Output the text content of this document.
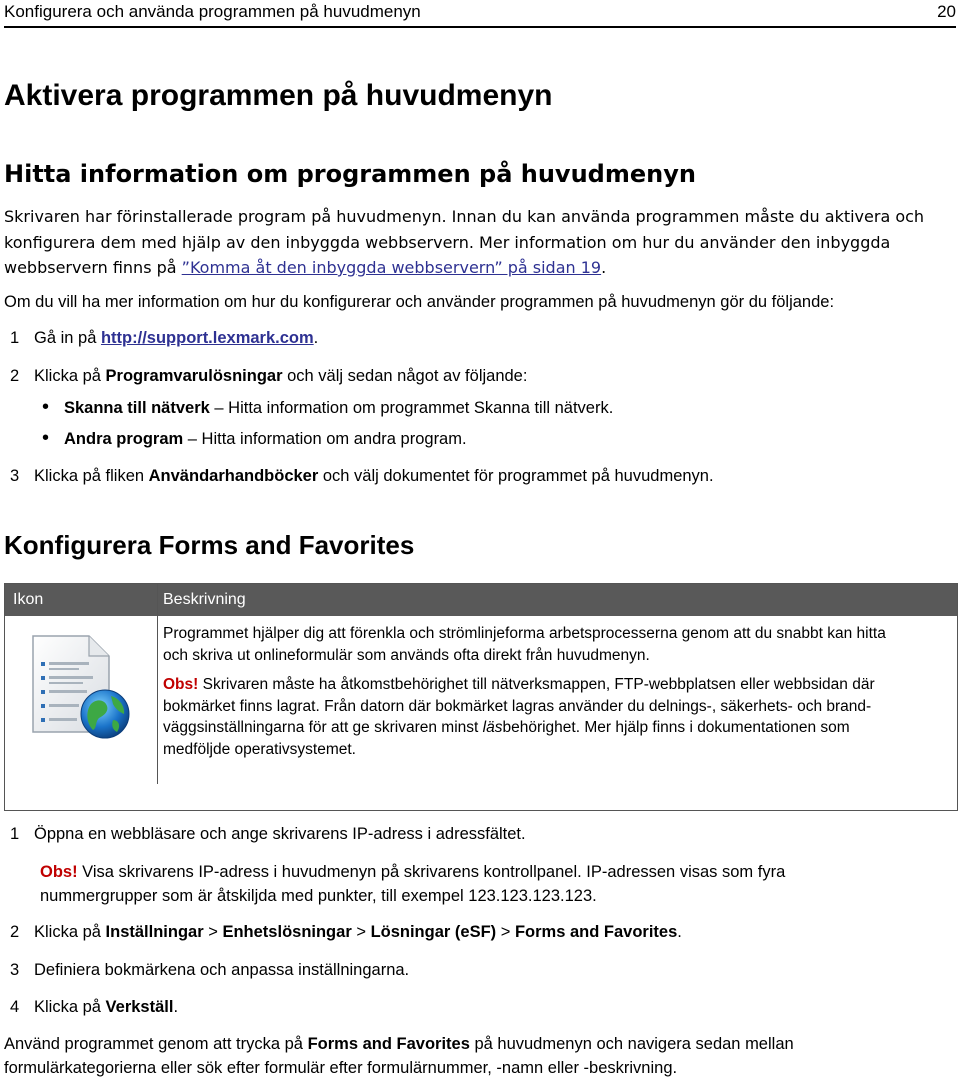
Konfigurera och använda programmen på huvudmenyn	20
Aktivera programmen på huvudmenyn
Hitta information om programmen på huvudmenyn
Skrivaren har förinstallerade program på huvudmenyn. Innan du kan använda programmen måste du aktivera och
konfigurera dem med hjälp av den inbyggda webbservern. Mer information om hur du använder den inbyggda
webbservern finns på ”Komma åt den inbyggda webbservern” på sidan 19.
Om du vill ha mer information om hur du konfigurerar och använder programmen på huvudmenyn gör du följande:
1 Gå in på http://support.lexmark.com.
2 Klicka på Programvarulösningar och välj sedan något av följande:
• Skanna till nätverk – Hitta information om programmet Skanna till nätverk.
• Andra program – Hitta information om andra program.
3 Klicka på fliken Användarhandböcker och välj dokumentet för programmet på huvudmenyn.
Konfigurera Forms and Favorites
Ikon	Beskrivning
Programmet hjälper dig att förenkla och strömlinjeforma arbetsprocesserna genom att du snabbt kan hitta
och skriva ut onlineformulär som används ofta direkt från huvudmenyn.
Obs! Skrivaren måste ha åtkomstbehörighet till nätverksmappen, FTP-webbplatsen eller webbsidan där
bokmärket finns lagrat. Från datorn där bokmärket lagras använder du delnings-, säkerhets- och brand-
väggsinställningarna för att ge skrivaren minst läsbehörighet. Mer hjälp finns i dokumentationen som
medföljde operativsystemet.
1 Öppna en webbläsare och ange skrivarens IP-adress i adressfältet.
Obs! Visa skrivarens IP-adress i huvudmenyn på skrivarens kontrollpanel. IP-adressen visas som fyra
nummergrupper som är åtskiljda med punkter, till exempel 123.123.123.123.
2 Klicka på Inställningar > Enhetslösningar > Lösningar (eSF) > Forms and Favorites.
3 Definiera bokmärkena och anpassa inställningarna.
4 Klicka på Verkställ.
Använd programmet genom att trycka på Forms and Favorites på huvudmenyn och navigera sedan mellan
formulärkategorierna eller sök efter formulär efter formulärnummer, -namn eller -beskrivning.
